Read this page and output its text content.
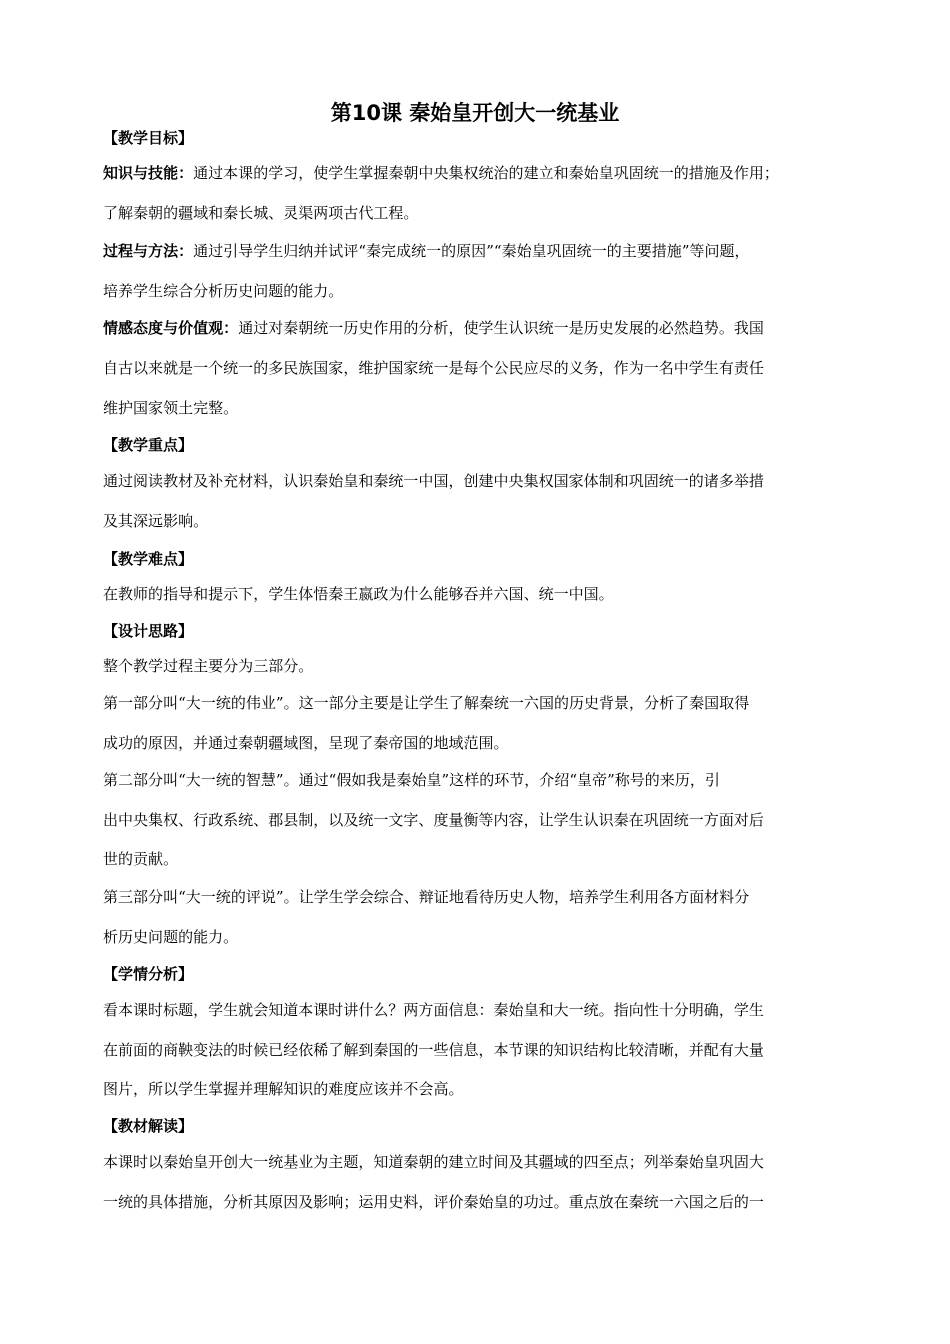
第10课 秦始皇开创大一统基业
【教学目标】
知识与技能：通过本课的学习，使学生掌握秦朝中央集权统治的建立和秦始皇巩固统一的措施及作用；
了解秦朝的疆域和秦长城、灵渠两项古代工程。
过程与方法：通过引导学生归纳并试评“秦完成统一的原因”“秦始皇巩固统一的主要措施”等问题，
培养学生综合分析历史问题的能力。
情感态度与价值观：通过对秦朝统一历史作用的分析，使学生认识统一是历史发展的必然趋势。我国
自古以来就是一个统一的多民族国家，维护国家统一是每个公民应尽的义务，作为一名中学生有责任
维护国家领土完整。
【教学重点】
通过阅读教材及补充材料，认识秦始皇和秦统一中国，创建中央集权国家体制和巩固统一的诸多举措
及其深远影响。
【教学难点】
在教师的指导和提示下，学生体悟秦王嬴政为什么能够吞并六国、统一中国。
【设计思路】
整个教学过程主要分为三部分。
第一部分叫“大一统的伟业”。这一部分主要是让学生了解秦统一六国的历史背景，分析了秦国取得
成功的原因，并通过秦朝疆域图，呈现了秦帝国的地域范围。
第二部分叫“大一统的智慧”。通过“假如我是秦始皇”这样的环节，介绍“皇帝”称号的来历，引
出中央集权、行政系统、郡县制，以及统一文字、度量衡等内容，让学生认识秦在巩固统一方面对后
世的贡献。
第三部分叫“大一统的评说”。让学生学会综合、辩证地看待历史人物，培养学生利用各方面材料分
析历史问题的能力。
【学情分析】
看本课时标题，学生就会知道本课时讲什么？两方面信息：秦始皇和大一统。指向性十分明确，学生
在前面的商鞅变法的时候已经依稀了解到秦国的一些信息，本节课的知识结构比较清晰，并配有大量
图片，所以学生掌握并理解知识的难度应该并不会高。
【教材解读】
本课时以秦始皇开创大一统基业为主题，知道秦朝的建立时间及其疆域的四至点；列举秦始皇巩固大
一统的具体措施，分析其原因及影响；运用史料，评价秦始皇的功过。重点放在秦统一六国之后的一
